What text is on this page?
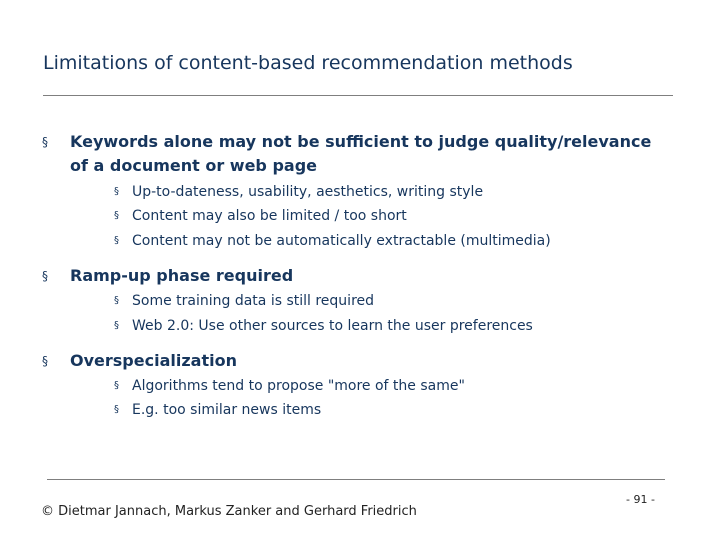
Limitations of content-based recommendation methods
§	Keywords alone may not be sufficient to judge quality/relevance of a document or web page
§ Up-to-dateness, usability, aesthetics, writing style
§ Content may also be limited / too short
§ Content may not be automatically extractable (multimedia)
§	Ramp-up phase required
§ Some training data is still required
§ Web 2.0: Use other sources to learn the user preferences
§	Overspecialization
§ Algorithms tend to propose "more of the same"
§ E.g. too similar news items
© Dietmar Jannach, Markus Zanker and Gerhard Friedrich
- 91 -
